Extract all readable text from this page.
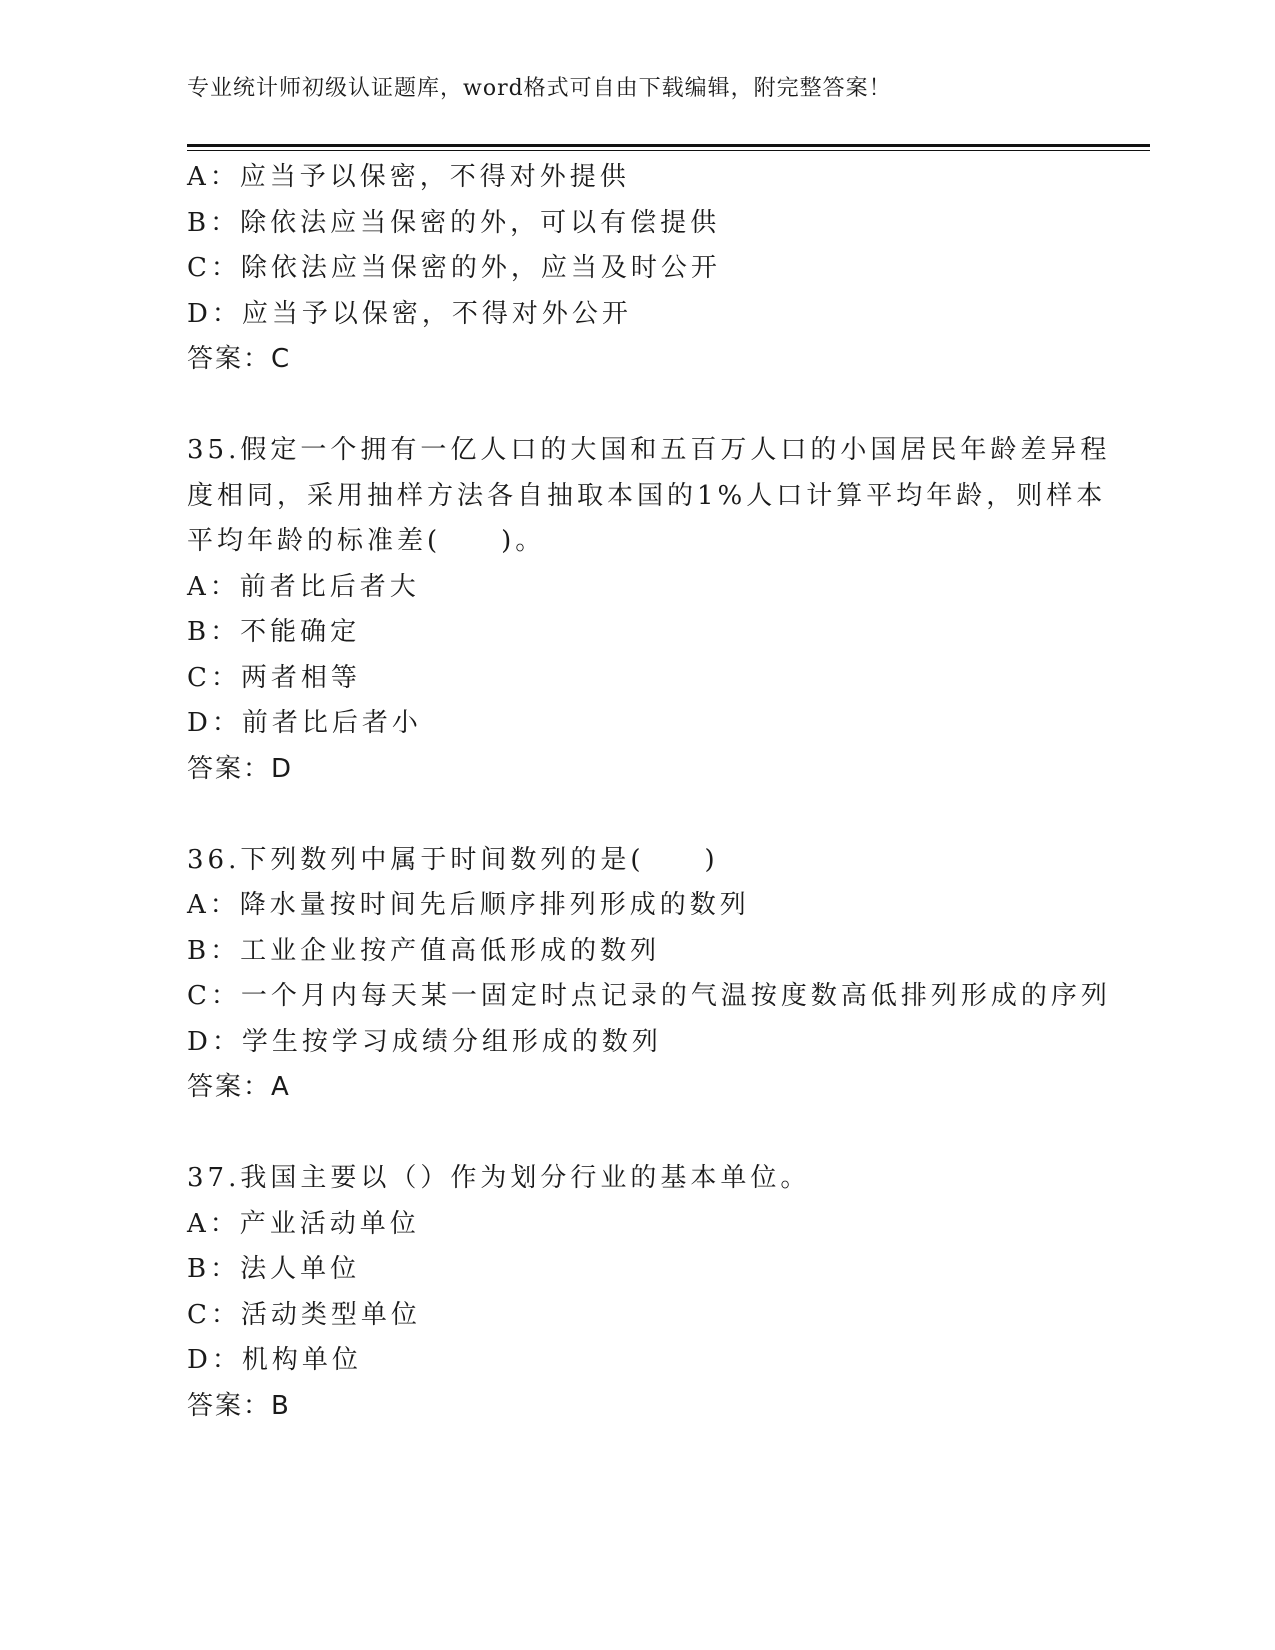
专业统计师初级认证题库，word格式可自由下载编辑，附完整答案！
A：应当予以保密，不得对外提供
B：除依法应当保密的外，可以有偿提供
C：除依法应当保密的外，应当及时公开
D：应当予以保密，不得对外公开
答案：C
35.假定一个拥有一亿人口的大国和五百万人口的小国居民年龄差异程
度相同，采用抽样方法各自抽取本国的1%人口计算平均年龄，则样本
平均年龄的标准差(　　)。
A：前者比后者大
B：不能确定
C：两者相等
D：前者比后者小
答案：D
36.下列数列中属于时间数列的是(　　)
A：降水量按时间先后顺序排列形成的数列
B：工业企业按产值高低形成的数列
C：一个月内每天某一固定时点记录的气温按度数高低排列形成的序列
D：学生按学习成绩分组形成的数列
答案：A
37.我国主要以（）作为划分行业的基本单位。
A：产业活动单位
B：法人单位
C：活动类型单位
D：机构单位
答案：B
